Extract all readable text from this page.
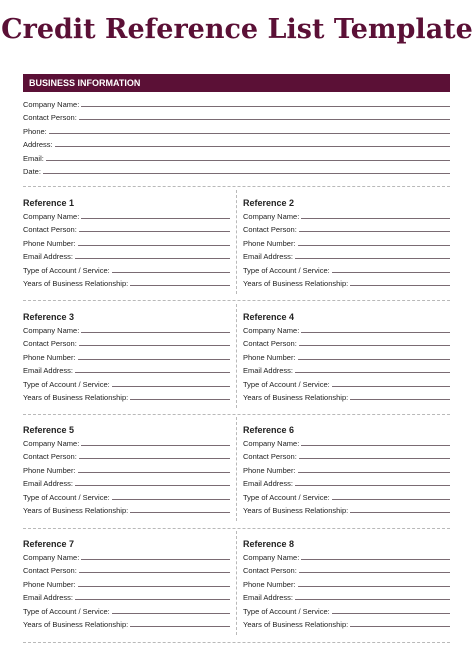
Credit Reference List Template
BUSINESS INFORMATION
Company Name:
Contact Person:
Phone:
Address:
Email:
Date:
Reference 1
Company Name:
Contact Person:
Phone Number:
Email Address:
Type of Account / Service:
Years of Business Relationship:
Reference 2
Company Name:
Contact Person:
Phone Number:
Email Address:
Type of Account / Service:
Years of Business Relationship:
Reference 3
Company Name:
Contact Person:
Phone Number:
Email Address:
Type of Account / Service:
Years of Business Relationship:
Reference 4
Company Name:
Contact Person:
Phone Number:
Email Address:
Type of Account / Service:
Years of Business Relationship:
Reference 5
Company Name:
Contact Person:
Phone Number:
Email Address:
Type of Account / Service:
Years of Business Relationship:
Reference 6
Company Name:
Contact Person:
Phone Number:
Email Address:
Type of Account / Service:
Years of Business Relationship:
Reference 7
Company Name:
Contact Person:
Phone Number:
Email Address:
Type of Account / Service:
Years of Business Relationship:
Reference 8
Company Name:
Contact Person:
Phone Number:
Email Address:
Type of Account / Service:
Years of Business Relationship:
